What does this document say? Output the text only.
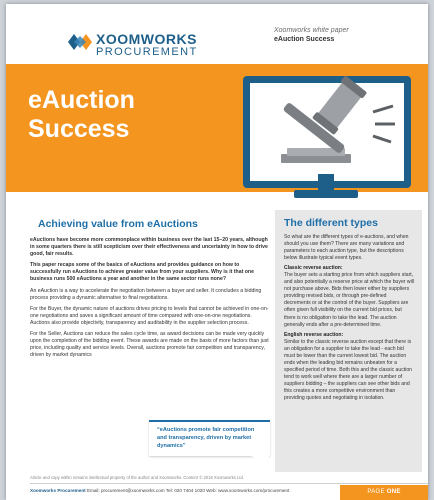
XOOMWORKS
PROCUREMENT
Xoomworks white paper
eAuction Success
eAuction
Success
Achieving value from eAuctions

eAuctions have become more commonplace within business over the last 15–20 years, although in some quarters there is still scepticism over their effectiveness and uncertainty in how to drive good, fair results.

This paper recaps some of the basics of eAuctions and provides guidance on how to successfully run eAuctions to achieve greater value from your suppliers. Why is it that one business runs 500 eAuctions a year and another in the same sector runs none?

An eAuction is a way to accelerate the negotiation between a buyer and seller. It concludes a bidding process providing a dynamic alternative to final negotiations.

For the Buyer, the dynamic nature of auctions drives pricing to levels that cannot be achieved in one-on-one negotiations and saves a significant amount of time compared with one-on-one negotiations. Auctions also provide objectivity, transparency and auditability in the supplier selection process.

For the Seller, Auctions can reduce the sales cycle time, as award decisions can be made very quickly upon the completion of the bidding event. These awards are made on the basis of more factors than just price, including quality and service levels. Overall, auctions promote fair competition and transparency, driven by market dynamics

“eAuctions promote fair competition and transparency, driven by market dynamics”
The different types

So what are the different types of e-auctions, and when should you use them? There are many variations and parameters to each auction type, but the descriptions below illustrate typical event types.

Classic reverse auction:

The buyer sets a starting price from which suppliers start, and also potentially a reserve price at which the buyer will not purchase above. Bids then lower either by suppliers providing revised bids, or through pre-defined decrements or at the control of the buyer. Suppliers are often given full visibility on the current bid prices, but there is no obligation to take the lead. The auction generally ends after a pre-determined time.

English reverse auction:

Similar to the classic reverse auction except that there is an obligation for a supplier to take the lead - each bid must be lower than the current lowest bid. The auction ends when the leading bid remains unbeaten for a specified period of time. Both this and the classic auction tend to work well where there are a larger number of suppliers bidding – the suppliers can see other bids and this creates a more competitive environment than providing quotes and negotiating in isolation.

Article and copy within remains intellectual property of the author and Xoomworks. Content © 2015 Xoomworks Ltd.
Xoomworks Procurement Email: procurement@xoomworks.com Tel: 020 7404 1020 Web: www.xoomworks.com/procurement	PAGE ONE
